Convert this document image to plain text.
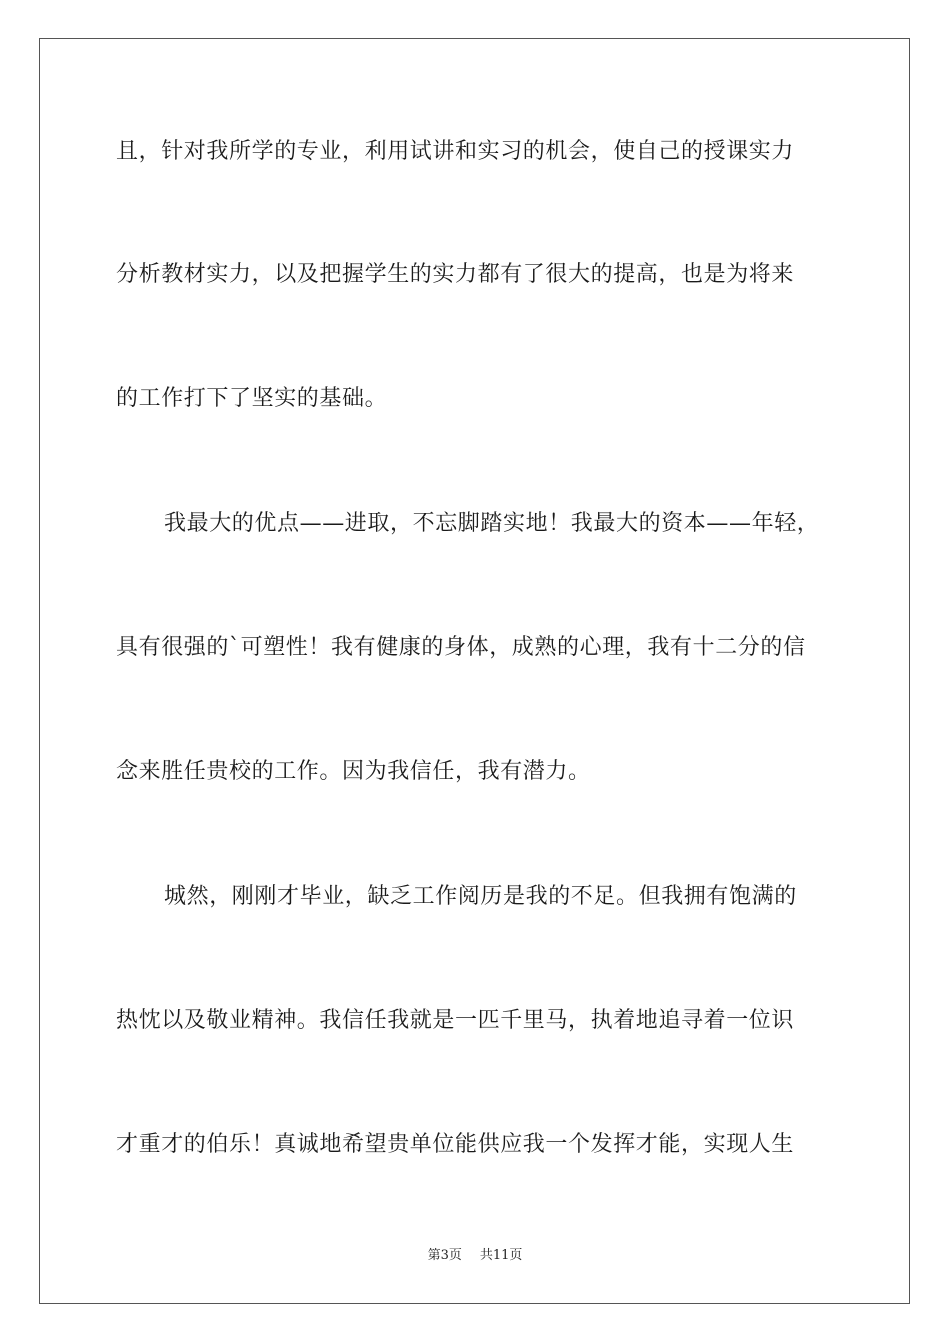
且，针对我所学的专业，利用试讲和实习的机会，使自己的授课实力
分析教材实力，以及把握学生的实力都有了很大的提高，也是为将来
的工作打下了坚实的基础。
我最大的优点——进取，不忘脚踏实地！我最大的资本——年轻，
具有很强的`可塑性！我有健康的身体，成熟的心理，我有十二分的信
念来胜任贵校的工作。因为我信任，我有潜力。
城然，刚刚才毕业，缺乏工作阅历是我的不足。但我拥有饱满的
热忱以及敬业精神。我信任我就是一匹千里马，执着地追寻着一位识
才重才的伯乐！真诚地希望贵单位能供应我一个发挥才能，实现人生
第3页 共11页
